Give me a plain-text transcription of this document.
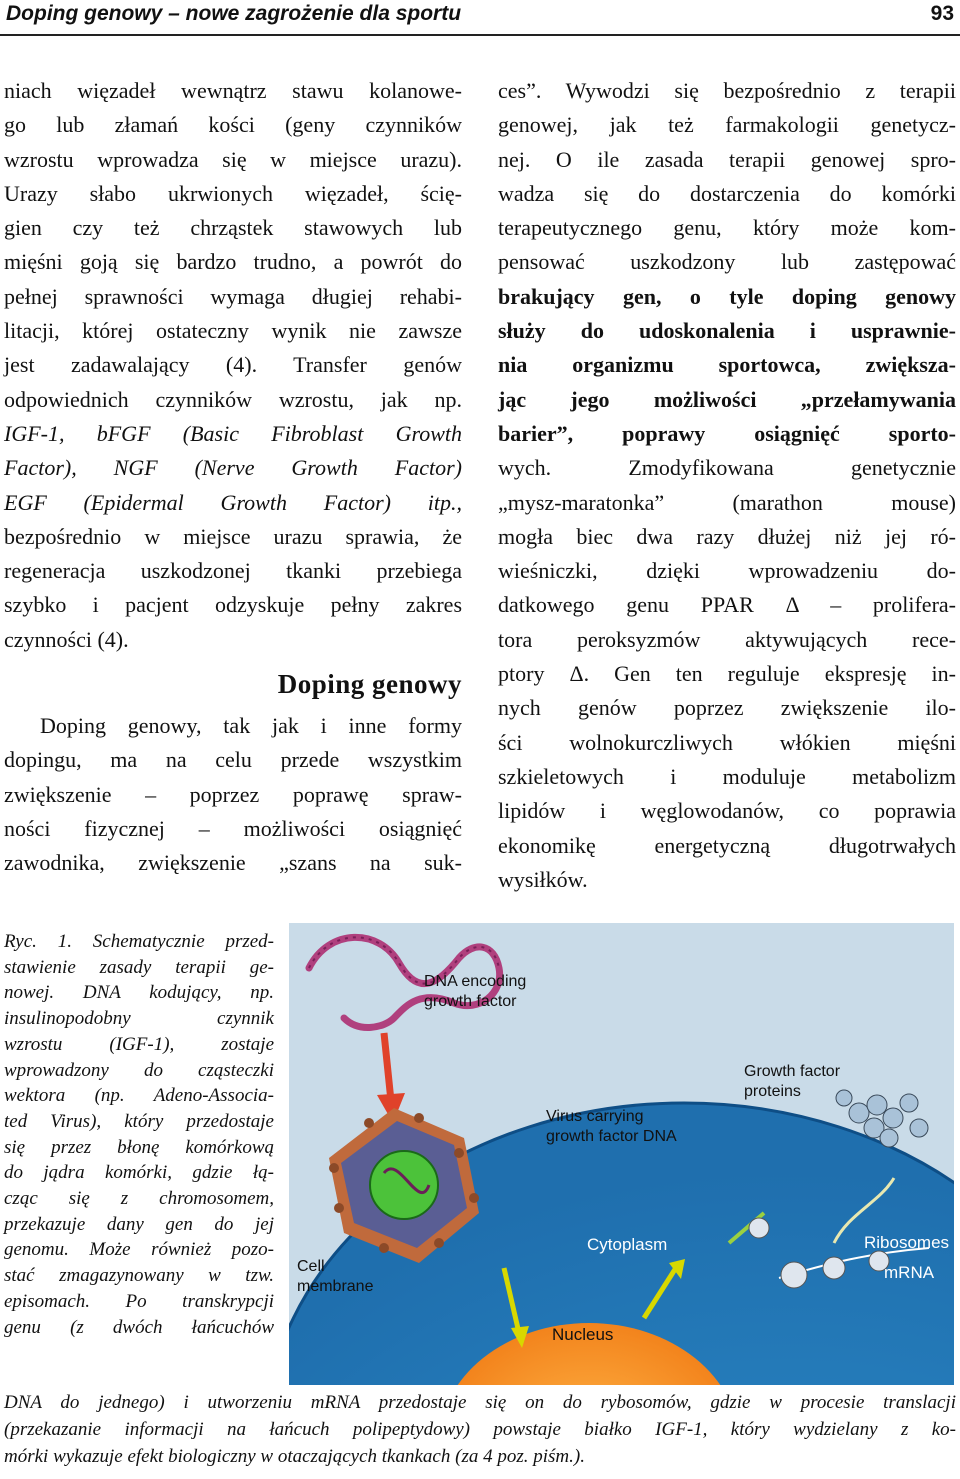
Doping genowy – nowe zagrożenie dla sportu	93

niach więzadeł wewnątrz stawu kolanowe-
go lub złamań kości (geny czynników
wzrostu wprowadza się w miejsce urazu).
Urazy słabo ukrwionych więzadeł, ścię-
gien czy też chrząstek stawowych lub
mięśni goją się bardzo trudno, a powrót do
pełnej sprawności wymaga długiej rehabi-
litacji, której ostateczny wynik nie zawsze
jest zadawalający (4). Transfer genów
odpowiednich czynników wzrostu, jak np.
IGF-1, bFGF (Basic Fibroblast Growth
Factor), NGF (Nerve Growth Factor)
EGF (Epidermal Growth Factor) itp.,
bezpośrednio w miejsce urazu sprawia, że
regeneracja uszkodzonej tkanki przebiega
szybko i pacjent odzyskuje pełny zakres
czynności (4).

Doping genowy

Doping genowy, tak jak i inne formy
dopingu, ma na celu przede wszystkim
zwiększenie – poprzez poprawę spraw-
ności fizycznej – możliwości osiągnięć
zawodnika, zwiększenie „szans na suk-

ces”. Wywodzi się bezpośrednio z terapii
genowej, jak też farmakologii genetycz-
nej. O ile zasada terapii genowej spro-
wadza się do dostarczenia do komórki
terapeutycznego genu, który może kom-
pensować uszkodzony lub zastępować
brakujący gen, o tyle doping genowy
służy do udoskonalenia i usprawnie-
nia organizmu sportowca, zwiększa-
jąc jego możliwości „przełamywania
barier”, poprawy osiągnięć sporto-
wych. Zmodyfikowana genetycznie
„mysz-maratonka” (marathon mouse)
mogła biec dwa razy dłużej niż jej ró-
wieśniczki, dzięki wprowadzeniu do-
datkowego genu PPAR Δ – prolifera-
tora peroksyzmów aktywujących rece-
ptory Δ. Gen ten reguluje ekspresję in-
nych genów poprzez zwiększenie ilo-
ści wolnokurczliwych włókien mięśni
szkieletowych i moduluje metabolizm
lipidów i węglowodanów, co poprawia
ekonomikę energetyczną długotrwałych
wysiłków.

Ryc. 1. Schematycznie przed-
stawienie zasady terapii ge-
nowej. DNA kodujący, np.
insulinopodobny czynnik
wzrostu (IGF-1), zostaje
wprowadzony do cząsteczki
wektora (np. Adeno-Associa-
ted Virus), który przedostaje
się przez błonę komórkową
do jądra komórki, gdzie łą-
cząc się z chromosomem,
przekazuje dany gen do jej
genomu. Może również pozo-
stać zmagazynowany w tzw.
episomach. Po transkrypcji
genu (z dwóch łańcuchów
DNA encoding
growth factor
Virus carrying
growth factor DNA
Growth factor
proteins
Cell
membrane
Cytoplasm	Ribosomes
mRNA
Nucleus
DNA do jednego) i utworzeniu mRNA przedostaje się on do rybosomów, gdzie w procesie translacji
(przekazanie informacji na łańcuch polipeptydowy) powstaje białko IGF-1, który wydzielany z ko-
mórki wykazuje efekt biologiczny w otaczających tkankach (za 4 poz. piśm.).
